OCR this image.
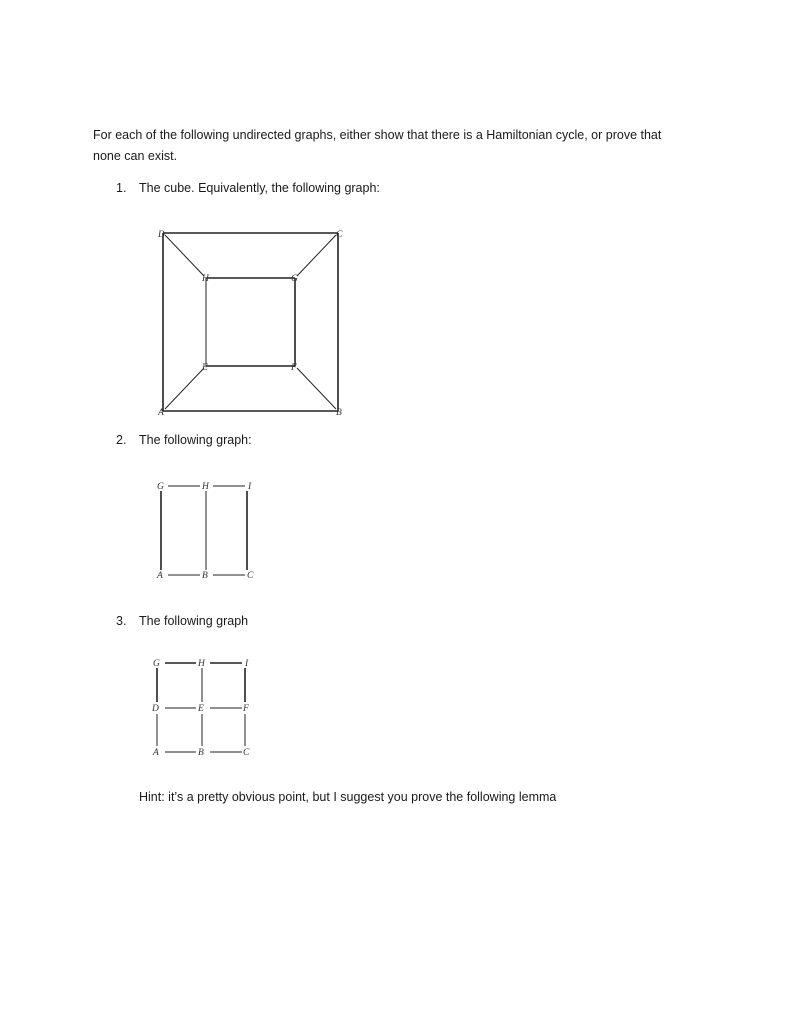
For each of the following undirected graphs, either show that there is a Hamiltonian cycle, or prove that
none can exist.
1. The cube. Equivalently, the following graph:
D	C
H	G
E	F
A	B
2. The following graph:
G	H	I
A	B	C
3. The following graph
G	H	I
D	E	F
A	B	C
Hint: it’s a pretty obvious point, but I suggest you prove the following lemma
